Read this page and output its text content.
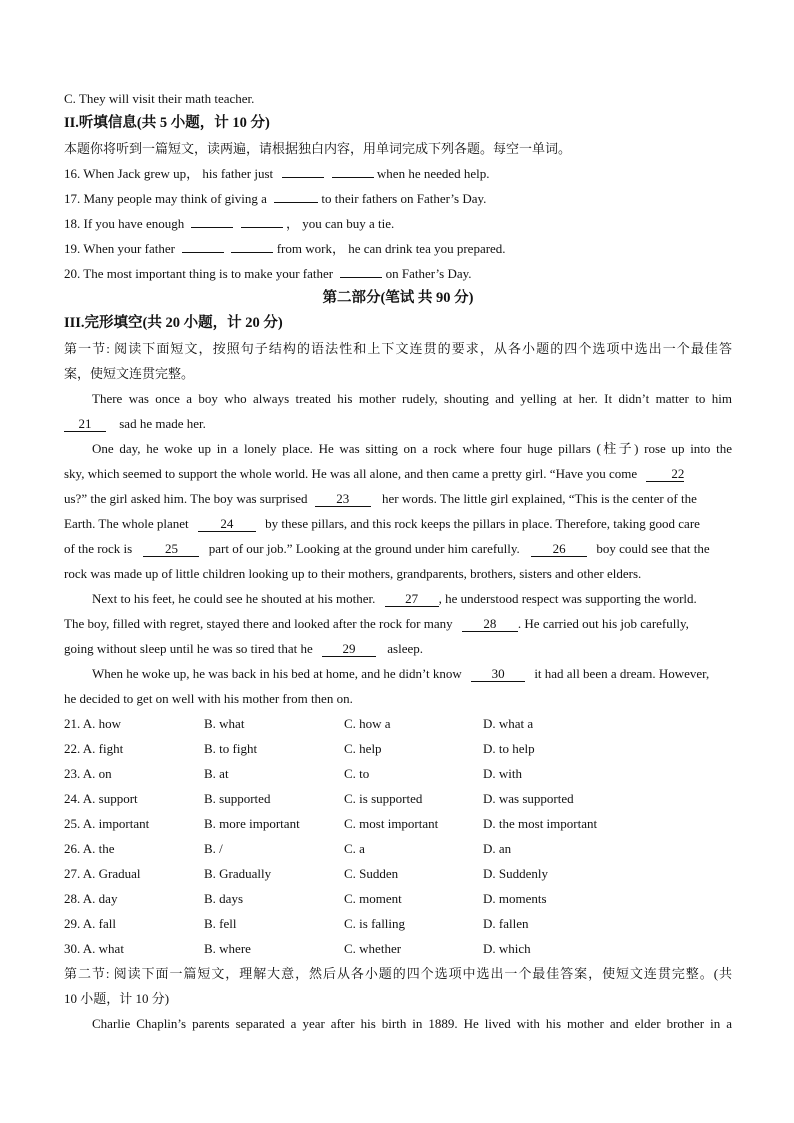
C. They will visit their math teacher.
II.听填信息(共 5 小题，计 10 分)
本题你将听到一篇短文，读两遍，请根据独白内容，用单词完成下列各题。每空一单词。
16. When Jack grew up， his father just	when he needed help.
17. Many people may think of giving a	to their fathers on Father’s Day.
18. If you have enough	， you can buy a tie.
19. When your father	from work， he can drink tea you prepared.
20. The most important thing is to make your father	on Father’s Day.
第二部分(笔试 共 90 分)
III.完形填空(共 20 小题，计 20 分)
第一节: 阅读下面短文，按照句子结构的语法性和上下文连贯的要求，从各小题的四个选项中选出一个最佳答
案，使短文连贯完整。
There was once a boy who always treated his mother rudely, shouting and yelling at her. It didn’t matter to him
21 sad he made her.
One day, he woke up in a lonely place. He was sitting on a rock where four huge pillars (柱子) rose up into the
sky, which seemed to support the whole world. He was all alone, and then came a pretty girl. “Have you come	22
us?” the girl asked him. The boy was surprised 23	her words. The little girl explained, “This is the center of the
Earth. The whole planet 24 by these pillars, and this rock keeps the pillars in place. Therefore, taking good care
of the rock is	25 part of our job.” Looking at the ground under him carefully.	26 boy could see that the
rock was made up of little children looking up to their mothers, grandparents, brothers, sisters and other elders.
Next to his feet, he could see he shouted at his mother. 27 , he understood respect was supporting the world.
The boy, filled with regret, stayed there and looked after the rock for many 28 . He carried out his job carefully,
going without sleep until he was so tired that he 29 asleep.
When he woke up, he was back in his bed at home, and he didn’t know 30 it had all been a dream. However,
he decided to get on well with his mother from then on.
21. A. how	B. what	C. how a	D. what a
22. A. fight	B. to fight	C. help	D. to help
23. A. on	B. at	C. to	D. with
24. A. support	B. supported	C. is supported	D. was supported
25. A. important	B. more important	C. most important	D. the most important
26. A. the	B. /	C. a	D. an
27. A. Gradual	B. Gradually	C. Sudden	D. Suddenly
28. A. day	B. days	C. moment	D. moments
29. A. fall	B. fell	C. is falling	D. fallen
30. A. what	B. where	C. whether	D. which
第二节: 阅读下面一篇短文，理解大意，然后从各小题的四个选项中选出一个最佳答案，使短文连贯完整。(共
10 小题，计 10 分)
Charlie Chaplin’s parents separated a year after his birth in 1889. He lived with his mother and elder brother in a
